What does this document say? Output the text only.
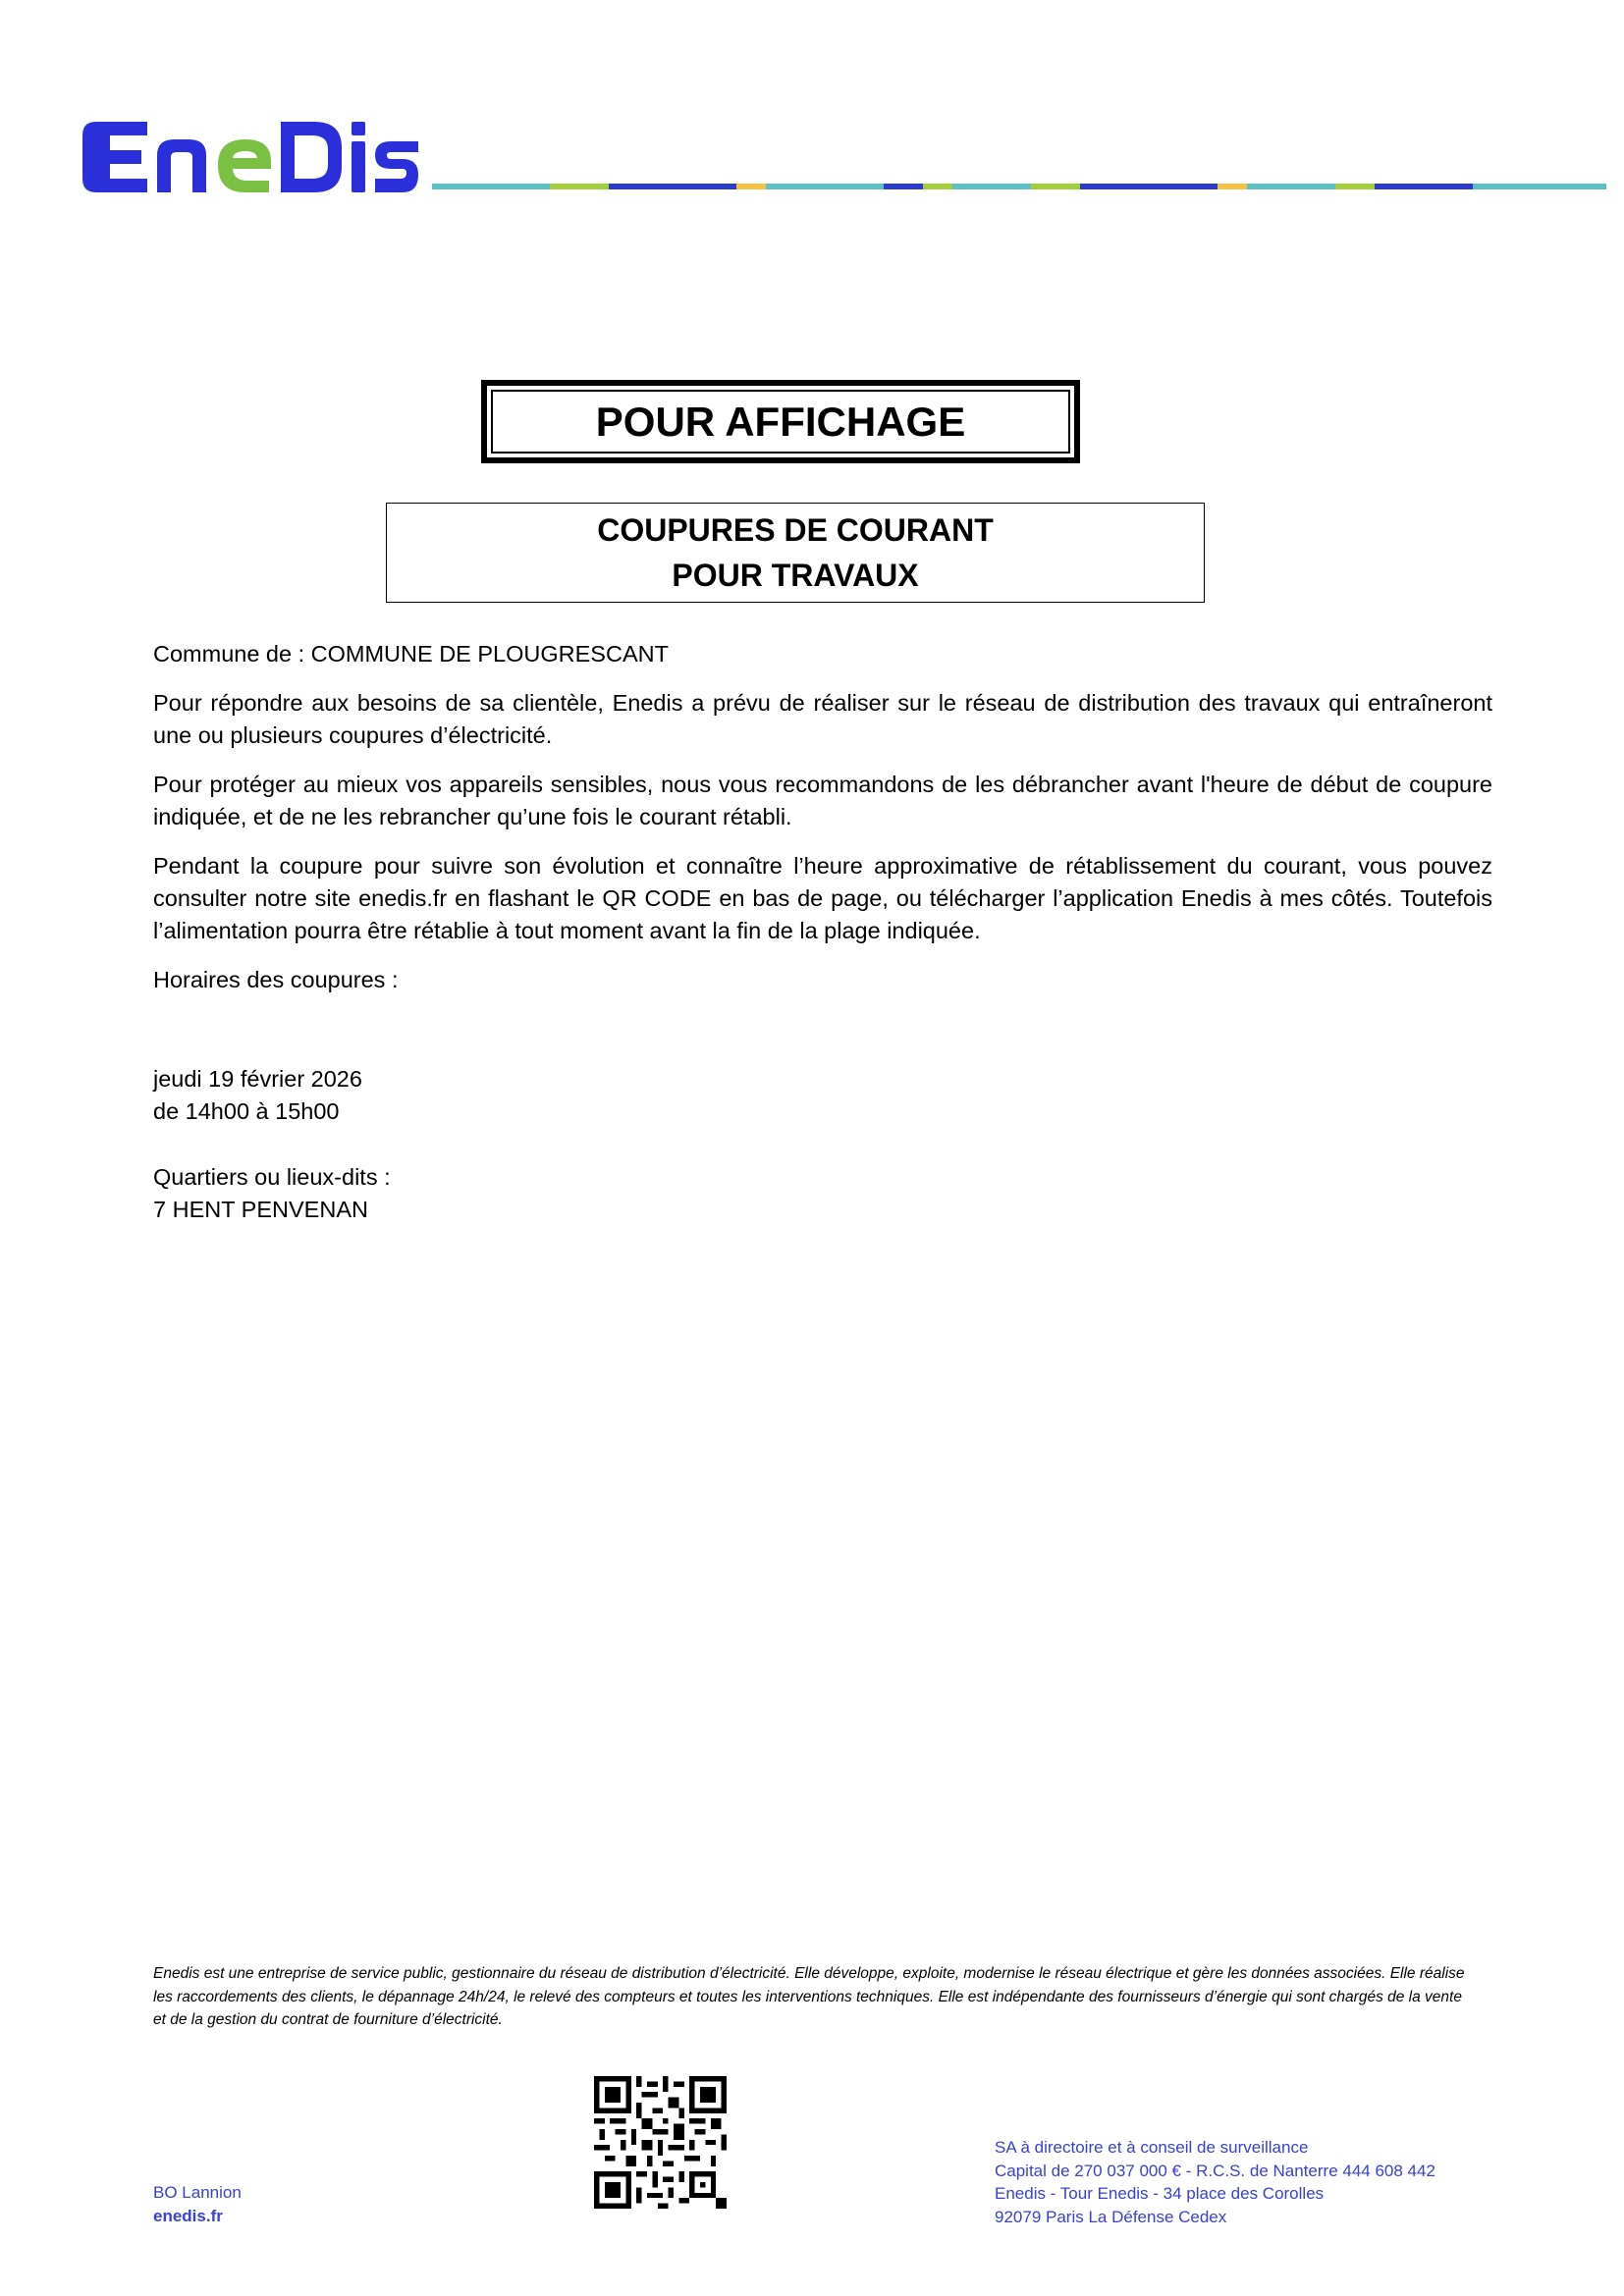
POUR AFFICHAGE
COUPURES DE COURANT
POUR TRAVAUX

Commune de : COMMUNE DE PLOUGRESCANT

Pour répondre aux besoins de sa clientèle, Enedis a prévu de réaliser sur le réseau de distribution des travaux qui entraîneront une ou plusieurs coupures d’électricité.

Pour protéger au mieux vos appareils sensibles, nous vous recommandons de les débrancher avant l'heure de début de coupure indiquée, et de ne les rebrancher qu’une fois le courant rétabli.

Pendant la coupure pour suivre son évolution et connaître l’heure approximative de rétablissement du courant, vous pouvez consulter notre site enedis.fr en flashant le QR CODE en bas de page, ou télécharger l’application Enedis à mes côtés. Toutefois l’alimentation pourra être rétablie à tout moment avant la fin de la plage indiquée.

Horaires des coupures :

jeudi 19 février 2026

de 14h00 à 15h00

Quartiers ou lieux-dits :

7 HENT PENVENAN

Enedis est une entreprise de service public, gestionnaire du réseau de distribution d’électricité. Elle développe, exploite, modernise le réseau électrique et gère les données associées. Elle réalise les raccordements des clients, le dépannage 24h/24, le relevé des compteurs et toutes les interventions techniques. Elle est indépendante des fournisseurs d’énergie qui sont chargés de la vente et de la gestion du contrat de fourniture d’électricité.
BO Lannion
enedis.fr
SA à directoire et à conseil de surveillance
Capital de 270 037 000 € - R.C.S. de Nanterre 444 608 442
Enedis - Tour Enedis - 34 place des Corolles
92079 Paris La Défense Cedex
